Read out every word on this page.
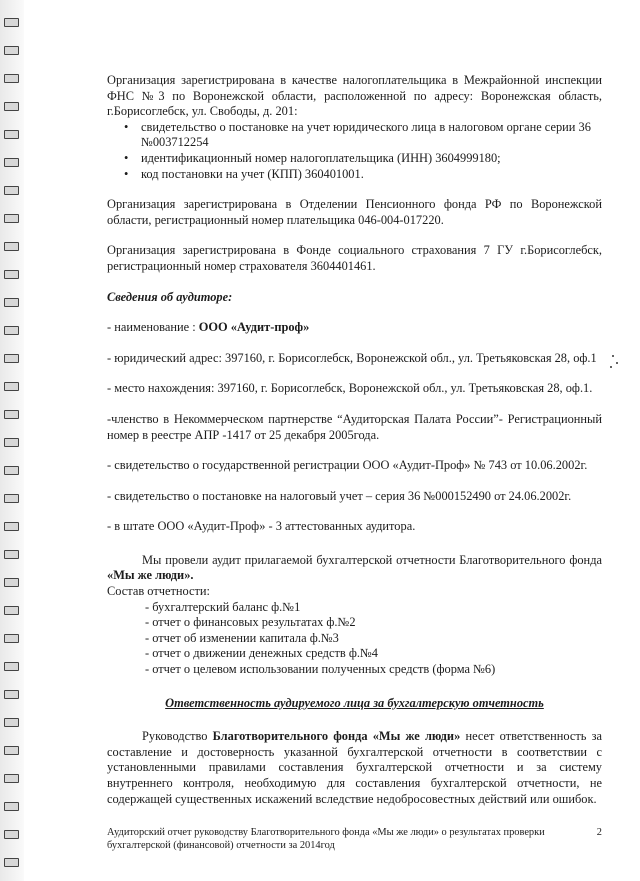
Организация зарегистрирована в качестве налогоплательщика в Межрайонной инспекции ФНС №3 по Воронежской области, расположенной по адресу: Воронежская область, г.Борисоглебск, ул. Свободы, д. 201:

• свидетельство о постановке на учет юридического лица в налоговом органе серии 36 №003712254
• идентификационный номер налогоплательщика (ИНН) 3604999180;
• код постановки на учет (КПП) 360401001.

Организация зарегистрирована в Отделении Пенсионного фонда РФ по Воронежской области, регистрационный номер плательщика 046-004-017220.

Организация зарегистрирована в Фонде социального страхования 7 ГУ г.Борисоглебск, регистрационный номер страхователя 3604401461.

Сведения об аудиторе:

- наименование : ООО «Аудит-проф»

- юридический адрес: 397160, г. Борисоглебск, Воронежской обл., ул. Третьяковская 28, оф.1

- место нахождения: 397160, г. Борисоглебск, Воронежской обл., ул. Третьяковская 28, оф.1.

-членство в Некоммерческом партнерстве “Аудиторская Палата России”- Регистрационный номер в реестре АПР -1417 от 25 декабря 2005года.

- свидетельство о государственной регистрации ООО «Аудит-Проф» № 743 от 10.06.2002г.

- свидетельство о постановке на налоговый учет – серия 36 №000152490 от 24.06.2002г.

- в штате ООО «Аудит-Проф» - 3 аттестованных аудитора.

Мы провели аудит прилагаемой бухгалтерской отчетности Благотворительного фонда «Мы же люди».

Состав отчетности:

- бухгалтерский баланс ф.№1
- отчет о финансовых результатах ф.№2
- отчет об изменении капитала ф.№3
- отчет о движении денежных средств ф.№4
- отчет о целевом использовании полученных средств (форма №6)

Ответственность аудируемого лица за бухгалтерскую отчетность

Руководство Благотворительного фонда «Мы же люди» несет ответственность за составление и достоверность указанной бухгалтерской отчетности в соответствии с установленными правилами составления бухгалтерской отчетности и за систему внутреннего контроля, необходимую для составления бухгалтерской отчетности, не содержащей существенных искажений вследствие недобросовестных действий или ошибок.

Аудиторский отчет руководству Благотворительного фонда «Мы же люди» о результатах проверки бухгалтерской (финансовой) отчетности за 2014год
2
